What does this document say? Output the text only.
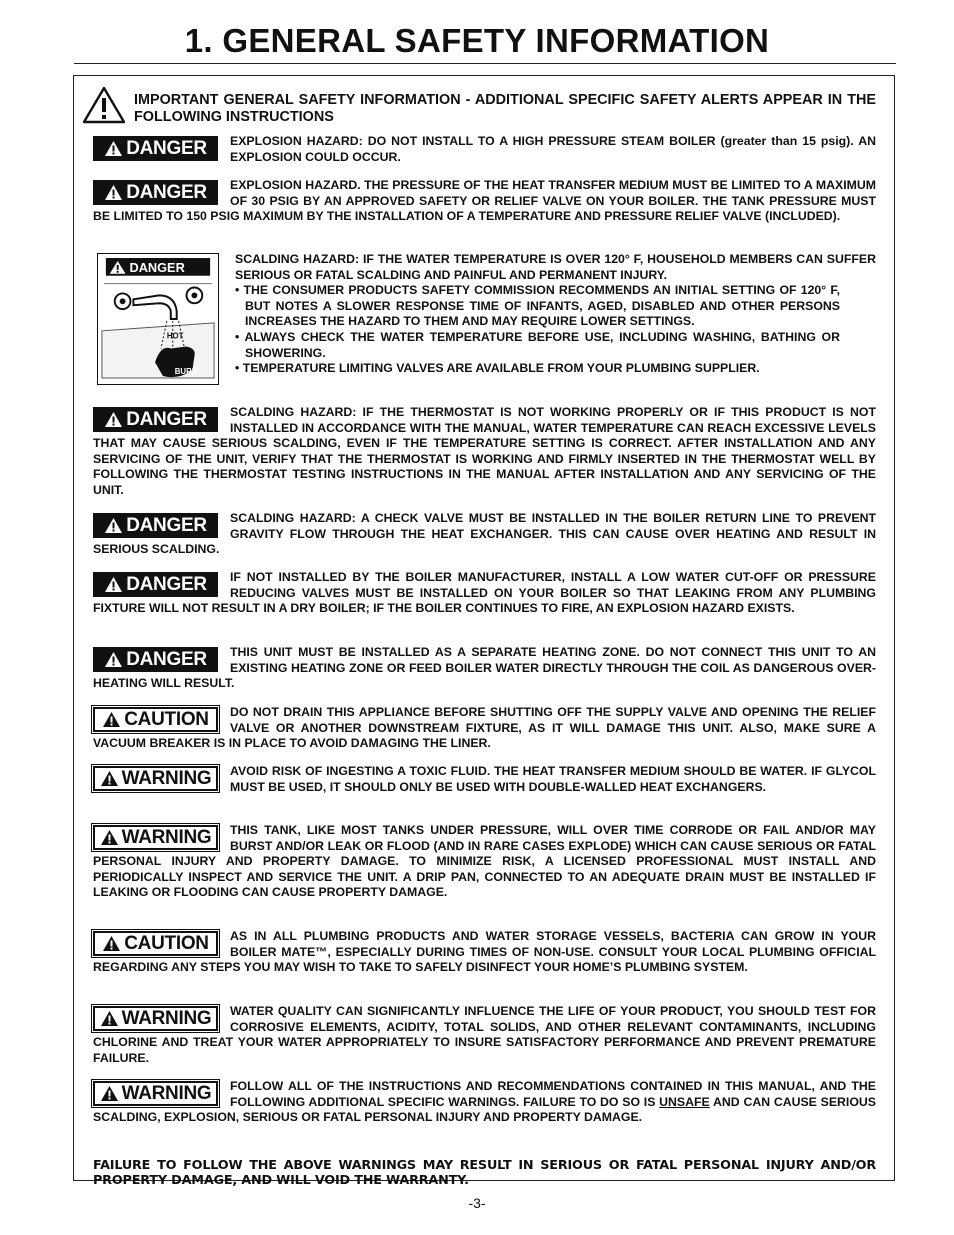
1. GENERAL SAFETY INFORMATION

IMPORTANT GENERAL SAFETY INFORMATION - ADDITIONAL SPECIFIC SAFETY ALERTS APPEAR IN THE FOLLOWING INSTRUCTIONS

DANGER	EXPLOSION HAZARD: DO NOT INSTALL TO A HIGH PRESSURE STEAM BOILER (greater than 15 psig). AN EXPLOSION COULD OCCUR.

DANGER	EXPLOSION HAZARD. THE PRESSURE OF THE HEAT TRANSFER MEDIUM MUST BE LIMITED TO A MAXIMUM OF 30 PSIG BY AN APPROVED SAFETY OR RELIEF VALVE ON YOUR BOILER. THE TANK PRESSURE MUST BE LIMITED TO 150 PSIG MAXIMUM BY THE INSTALLATION OF A TEMPERATURE AND PRESSURE RELIEF VALVE (INCLUDED).

DANGER
HOT
BURN

SCALDING HAZARD: IF THE WATER TEMPERATURE IS OVER 120° F, HOUSEHOLD MEMBERS CAN SUFFER SERIOUS OR FATAL SCALDING AND PAINFUL AND PERMANENT INJURY.

• THE CONSUMER PRODUCTS SAFETY COMMISSION RECOMMENDS AN INITIAL SETTING OF 120° F, BUT NOTES A SLOWER RESPONSE TIME OF INFANTS, AGED, DISABLED AND OTHER PERSONS INCREASES THE HAZARD TO THEM AND MAY REQUIRE LOWER SETTINGS.
• ALWAYS CHECK THE WATER TEMPERATURE BEFORE USE, INCLUDING WASHING, BATHING OR SHOWERING.
• TEMPERATURE LIMITING VALVES ARE AVAILABLE FROM YOUR PLUMBING SUPPLIER.
DANGER	SCALDING HAZARD: IF THE THERMOSTAT IS NOT WORKING PROPERLY OR IF THIS PRODUCT IS NOT INSTALLED IN ACCORDANCE WITH THE MANUAL, WATER TEMPERATURE CAN REACH EXCESSIVE LEVELS THAT MAY CAUSE SERIOUS SCALDING, EVEN IF THE TEMPERATURE SETTING IS CORRECT. AFTER INSTALLATION AND ANY SERVICING OF THE UNIT, VERIFY THAT THE THERMOSTAT IS WORKING AND FIRMLY INSERTED IN THE THERMOSTAT WELL BY FOLLOWING THE THERMOSTAT TESTING INSTRUCTIONS IN THE MANUAL AFTER INSTALLATION AND ANY SERVICING OF THE UNIT.

DANGER	SCALDING HAZARD: A CHECK VALVE MUST BE INSTALLED IN THE BOILER RETURN LINE TO PREVENT GRAVITY FLOW THROUGH THE HEAT EXCHANGER. THIS CAN CAUSE OVER HEATING AND RESULT IN SERIOUS SCALDING.

DANGER	IF NOT INSTALLED BY THE BOILER MANUFACTURER, INSTALL A LOW WATER CUT-OFF OR PRESSURE REDUCING VALVES MUST BE INSTALLED ON YOUR BOILER SO THAT LEAKING FROM ANY PLUMBING FIXTURE WILL NOT RESULT IN A DRY BOILER; IF THE BOILER CONTINUES TO FIRE, AN EXPLOSION HAZARD EXISTS.

DANGER	THIS UNIT MUST BE INSTALLED AS A SEPARATE HEATING ZONE. DO NOT CONNECT THIS UNIT TO AN EXISTING HEATING ZONE OR FEED BOILER WATER DIRECTLY THROUGH THE COIL AS DANGEROUS OVER-HEATING WILL RESULT.

CAUTION	DO NOT DRAIN THIS APPLIANCE BEFORE SHUTTING OFF THE SUPPLY VALVE AND OPENING THE RELIEF VALVE OR ANOTHER DOWNSTREAM FIXTURE, AS IT WILL DAMAGE THIS UNIT. ALSO, MAKE SURE A VACUUM BREAKER IS IN PLACE TO AVOID DAMAGING THE LINER.

WARNING	AVOID RISK OF INGESTING A TOXIC FLUID. THE HEAT TRANSFER MEDIUM SHOULD BE WATER. IF GLYCOL MUST BE USED, IT SHOULD ONLY BE USED WITH DOUBLE-WALLED HEAT EXCHANGERS.

WARNING	THIS TANK, LIKE MOST TANKS UNDER PRESSURE, WILL OVER TIME CORRODE OR FAIL AND/OR MAY BURST AND/OR LEAK OR FLOOD (AND IN RARE CASES EXPLODE) WHICH CAN CAUSE SERIOUS OR FATAL PERSONAL INJURY AND PROPERTY DAMAGE. TO MINIMIZE RISK, A LICENSED PROFESSIONAL MUST INSTALL AND PERIODICALLY INSPECT AND SERVICE THE UNIT. A DRIP PAN, CONNECTED TO AN ADEQUATE DRAIN MUST BE INSTALLED IF LEAKING OR FLOODING CAN CAUSE PROPERTY DAMAGE.

CAUTION	AS IN ALL PLUMBING PRODUCTS AND WATER STORAGE VESSELS, BACTERIA CAN GROW IN YOUR BOILER MATE™, ESPECIALLY DURING TIMES OF NON-USE. CONSULT YOUR LOCAL PLUMBING OFFICIAL REGARDING ANY STEPS YOU MAY WISH TO TAKE TO SAFELY DISINFECT YOUR HOME’S PLUMBING SYSTEM.

WARNING	WATER QUALITY CAN SIGNIFICANTLY INFLUENCE THE LIFE OF YOUR PRODUCT, YOU SHOULD TEST FOR CORROSIVE ELEMENTS, ACIDITY, TOTAL SOLIDS, AND OTHER RELEVANT CONTAMINANTS, INCLUDING CHLORINE AND TREAT YOUR WATER APPROPRIATELY TO INSURE SATISFACTORY PERFORMANCE AND PREVENT PREMATURE FAILURE.

WARNING	FOLLOW ALL OF THE INSTRUCTIONS AND RECOMMENDATIONS CONTAINED IN THIS MANUAL, AND THE FOLLOWING ADDITIONAL SPECIFIC WARNINGS. FAILURE TO DO SO IS UNSAFE AND CAN CAUSE SERIOUS SCALDING, EXPLOSION, SERIOUS OR FATAL PERSONAL INJURY AND PROPERTY DAMAGE.

FAILURE TO FOLLOW THE ABOVE WARNINGS MAY RESULT IN SERIOUS OR FATAL PERSONAL INJURY AND/OR PROPERTY DAMAGE, AND WILL VOID THE WARRANTY.

-3-
